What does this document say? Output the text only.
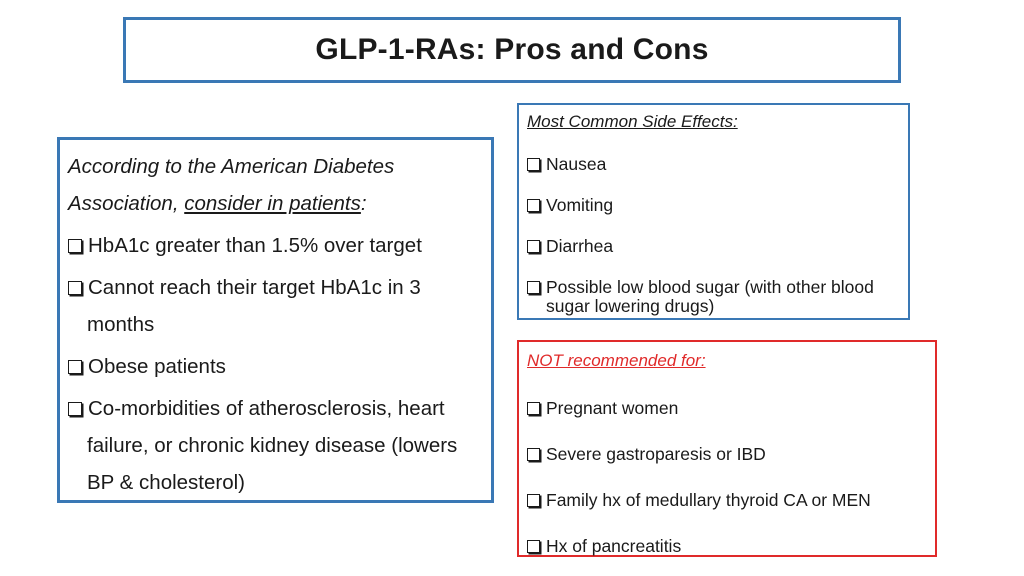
GLP-1-RAs: Pros and Cons

According to the American Diabetes Association, consider in patients:

HbA1c greater than 1.5% over target

Cannot reach their target HbA1c in 3 months

Obese patients

Co-morbidities of atherosclerosis, heart failure, or chronic kidney disease (lowers BP & cholesterol)

Most Common Side Effects:

Nausea

Vomiting

Diarrhea

Possible low blood sugar (with other blood sugar lowering drugs)

NOT recommended for:

Pregnant women

Severe gastroparesis or IBD

Family hx of medullary thyroid CA or MEN

Hx of pancreatitis
